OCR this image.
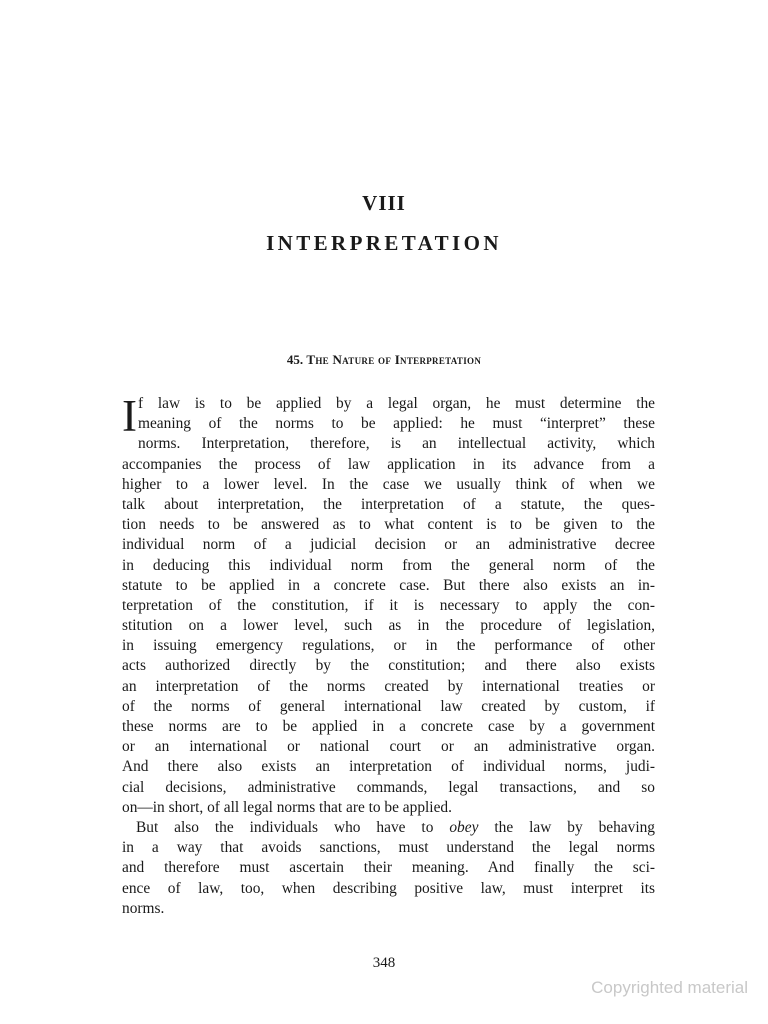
VIII
INTERPRETATION
45. The Nature of Interpretation
I f law is to be applied by a legal organ, he must determine the
meaning of the norms to be applied: he must “interpret” these
norms. Interpretation, therefore, is an intellectual activity, which
accompanies the process of law application in its advance from a
higher to a lower level. In the case we usually think of when we
talk about interpretation, the interpretation of a statute, the ques-
tion needs to be answered as to what content is to be given to the
individual norm of a judicial decision or an administrative decree
in deducing this individual norm from the general norm of the
statute to be applied in a concrete case. But there also exists an in-
terpretation of the constitution, if it is necessary to apply the con-
stitution on a lower level, such as in the procedure of legislation,
in issuing emergency regulations, or in the performance of other
acts authorized directly by the constitution; and there also exists
an interpretation of the norms created by international treaties or
of the norms of general international law created by custom, if
these norms are to be applied in a concrete case by a government
or an international or national court or an administrative organ.
And there also exists an interpretation of individual norms, judi-
cial decisions, administrative commands, legal transactions, and so
on—in short, of all legal norms that are to be applied.
But also the individuals who have to obey the law by behaving
in a way that avoids sanctions, must understand the legal norms
and therefore must ascertain their meaning. And finally the sci-
ence of law, too, when describing positive law, must interpret its
norms.
348
Copyrighted material
